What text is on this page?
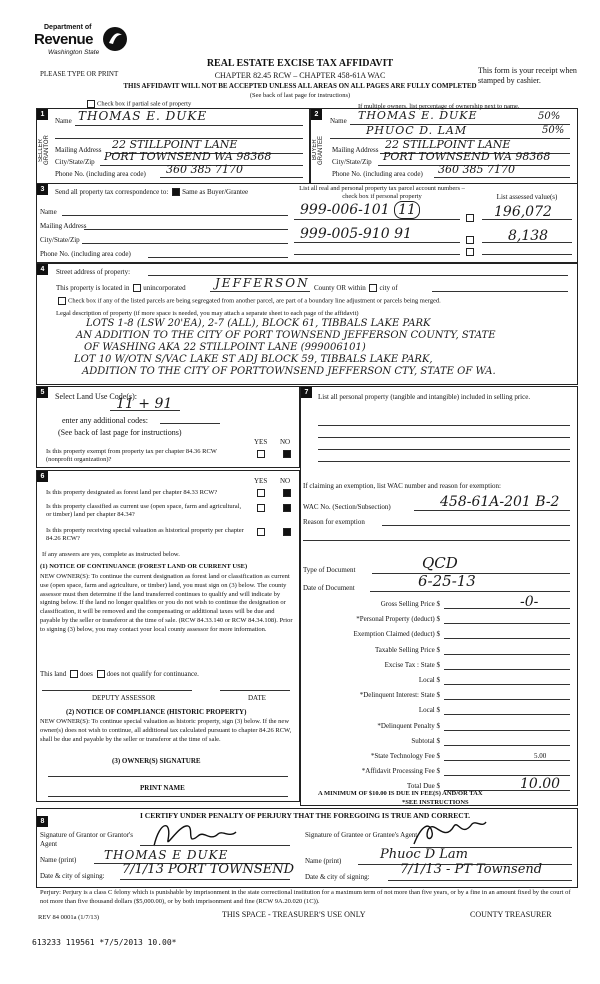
Department of
Revenue
Washington State
PLEASE TYPE OR PRINT
REAL ESTATE EXCISE TAX AFFIDAVIT
CHAPTER 82.45 RCW – CHAPTER 458-61A WAC
THIS AFFIDAVIT WILL NOT BE ACCEPTED UNLESS ALL AREAS ON ALL PAGES ARE FULLY COMPLETED
(See back of last page for instructions)
This form is your receipt when stamped by cashier.
Check box if partial sale of property	If multiple owners, list percentage of ownership next to name.
1
SELLER GRANTOR
Name THOMAS E. DUKE
Mailing Address 22 STILLPOINT LANE
City/State/Zip PORT TOWNSEND WA 98368
Phone No. (including area code) 360 385 7170
2
BUYER GRANTEE
Name THOMAS E. DUKE	50%
PHUOC D. LAM	50%
Mailing Address 22 STILLPOINT LANE
City/State/Zip PORT TOWNSEND WA 98368
Phone No. (including area code) 360 385 7170
3	Send all property tax correspondence to: Same as Buyer/Grantee
Name
Mailing Address
City/State/Zip
Phone No. (including area code)
List all real and personal property tax parcel account numbers – check box if personal property	List assessed value(s)
999-006-101 11	196,072
999-005-910 91	8,138
4	Street address of property:
This property is located in unincorporated JEFFERSON County OR within city of
Check box if any of the listed parcels are being segregated from another parcel, are part of a boundary line adjustment or parcels being merged.
Legal description of property (if more space is needed, you may attach a separate sheet to each page of the affidavit)
LOTS 1-8 (LSW 20'EA), 2-7 (ALL), BLOCK 61, TIBBALS LAKE PARK
AN ADDITION TO THE CITY OF PORT TOWNSEND JEFFERSON COUNTY, STATE
OF WASHING AKA 22 STILLPOINT LANE (999006101)
LOT 10 W/OTN S/VAC LAKE ST ADJ BLOCK 59, TIBBALS LAKE PARK,
ADDITION TO THE CITY OF PORTTOWNSEND JEFFERSON CTY, STATE OF WA.
5	Select Land Use Code(s):
11 + 91
enter any additional codes:
(See back of last page for instructions)
YES NO
Is this property exempt from property tax per chapter 84.36 RCW (nonprofit organization)?
6
YES NO
Is this property designated as forest land per chapter 84.33 RCW?
Is this property classified as current use (open space, farm and agricultural, or timber) land per chapter 84.34?
Is this property receiving special valuation as historical property per chapter 84.26 RCW?
If any answers are yes, complete as instructed below.
(1) NOTICE OF CONTINUANCE (FOREST LAND OR CURRENT USE)
NEW OWNER(S): To continue the current designation as forest land or classification as current use (open space, farm and agriculture, or timber) land, you must sign on (3) below. The county assessor must then determine if the land transferred continues to qualify and will indicate by signing below. If the land no longer qualifies or you do not wish to continue the designation or classification, it will be removed and the compensating or additional taxes will be due and payable by the seller or transferor at the time of sale. (RCW 84.33.140 or RCW 84.34.108). Prior to signing (3) below, you may contact your local county assessor for more information.
This land does does not qualify for continuance.
DEPUTY ASSESSOR	DATE
(2) NOTICE OF COMPLIANCE (HISTORIC PROPERTY)
NEW OWNER(S): To continue special valuation as historic property, sign (3) below. If the new owner(s) does not wish to continue, all additional tax calculated pursuant to chapter 84.26 RCW, shall be due and payable by the seller or transferor at the time of sale.
(3) OWNER(S) SIGNATURE
PRINT NAME
7
List all personal property (tangible and intangible) included in selling price.
If claiming an exemption, list WAC number and reason for exemption:
WAC No. (Section/Subsection)	458-61A-201 B-2
Reason for exemption
Type of Document	QCD
Date of Document	6-25-13
Gross Selling Price $	-0-
*Personal Property (deduct) $
Exemption Claimed (deduct) $
Taxable Selling Price $
Excise Tax : State $
Local $
*Delinquent Interest: State $
Local $
*Delinquent Penalty $
Subtotal $
*State Technology Fee $	5.00
*Affidavit Processing Fee $
Total Due $	10.00
A MINIMUM OF $10.00 IS DUE IN FEE(S) AND/OR TAX
*SEE INSTRUCTIONS
8
I CERTIFY UNDER PENALTY OF PERJURY THAT THE FOREGOING IS TRUE AND CORRECT.
Signature of Grantor or Grantor's Agent
Name (print) THOMAS E DUKE
Date & city of signing: 7/1/13 PORT TOWNSEND
Signature of Grantee or Grantee's Agent
Name (print)	Phuoc D Lam
Date & city of signing: 7/1/13 - PT Townsend
Perjury: Perjury is a class C felony which is punishable by imprisonment in the state correctional institution for a maximum term of not more than five years, or by a fine in an amount fixed by the court of not more than five thousand dollars ($5,000.00), or by both imprisonment and fine (RCW 9A.20.020 (1C)).
REV 84 0001a (1/7/13)	THIS SPACE - TREASURER'S USE ONLY	COUNTY TREASURER
613233 119561 *7/5/2013 10.00*
